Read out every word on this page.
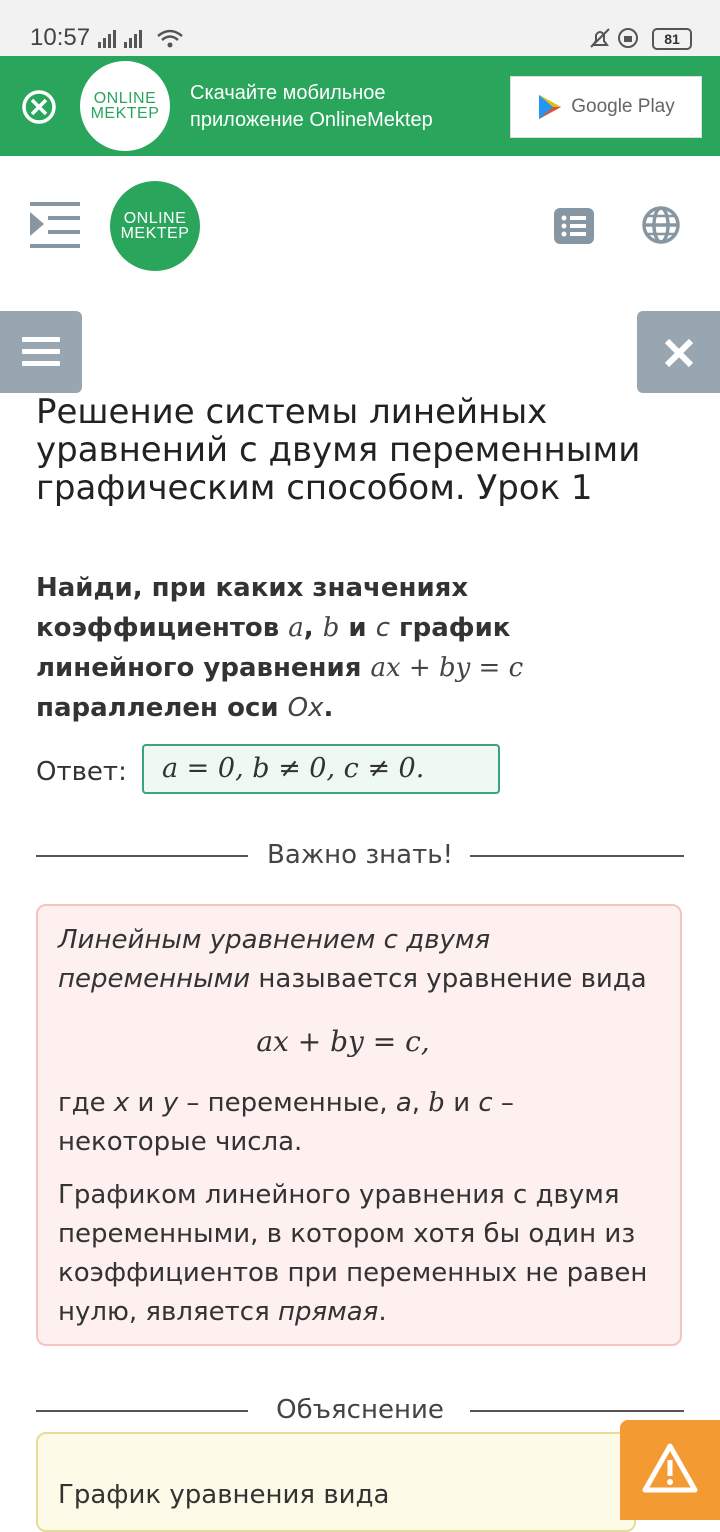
10:57	81
ONLINE
MEKTEP
Скачайте мобильное
приложение OnlineMektep
Google Play
ONLINE
MEKTEP
Решение системы линейных уравнений с двумя переменными графическим способом. Урок 1
Найди, при каких значениях коэффициентов a, b и c график линейного уравнения ax + by = c
параллелен оси Ox.
Ответ:	a = 0, b ≠ 0, c ≠ 0.
Важно знать!
Линейным уравнением с двумя переменными называется уравнение вида
ax + by = c,
где x и y – переменные, a, b и c – некоторые числа.
Графиком линейного уравнения с двумя переменными, в котором хотя бы один из коэффициентов при переменных не равен нулю, является прямая.
Объяснение
График уравнения вида
